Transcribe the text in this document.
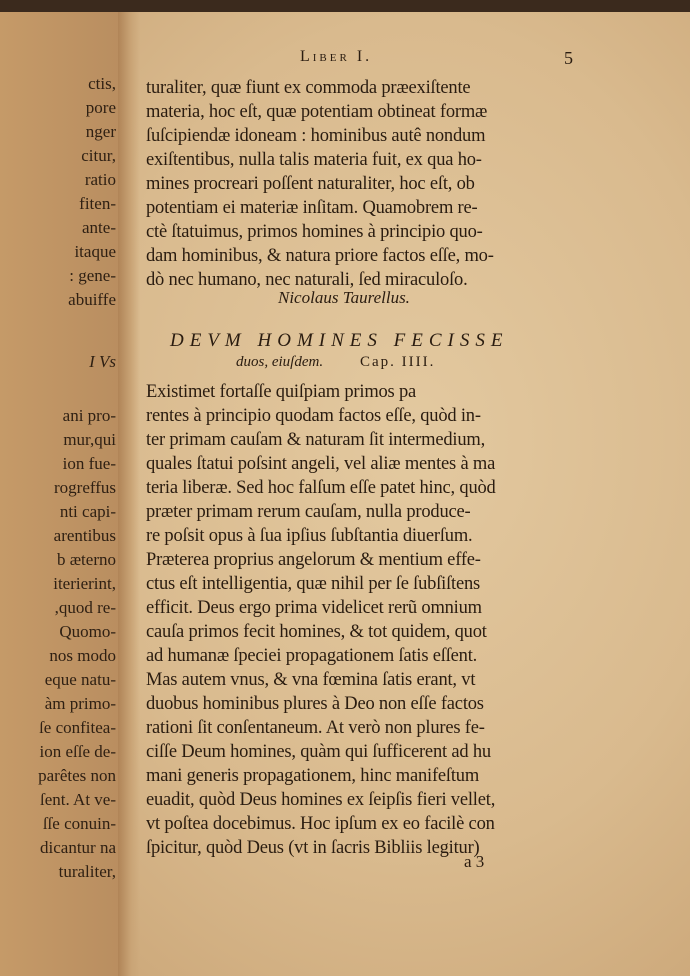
ctis,
pore
nger
citur,
ratio
fiten-
ante-
itaque
: gene-
abuiffe
I Vs
ani pro-
mur,qui
ion fue-
rogreffus
nti capi-
arentibus
b æterno
iterierint,
,quod re-
Quomo-
nos modo
eque natu-
àm primo-
ſe confitea-
ion eſſe de-
parêtes non
ſent. At ve-
ſſe conuin-
dicantur na
turaliter,
Liber I.	5
turaliter, quæ fiunt ex commoda præexiſtente
materia, hoc eſt, quæ potentiam obtineat formæ
ſuſcipiendæ idoneam : hominibus autê nondum
exiſtentibus, nulla talis materia fuit, ex qua ho-
mines procreari poſſent naturaliter, hoc eſt, ob
potentiam ei materiæ inſitam. Quamobrem re-
ctè ſtatuimus, primos homines à principio quo-
dam hominibus, & natura priore factos eſſe, mo-
dò nec humano, nec naturali, ſed miraculoſo.
Nicolaus Taurellus.
DEVM HOMINES FECISSE
duos, eiuſdem. Cap. IIII.
Existimet fortaſſe quiſpiam primos pa
rentes à principio quodam factos eſſe, quòd in-
ter primam cauſam & naturam ſit intermedium,
quales ſtatui poſsint angeli, vel aliæ mentes à ma
teria liberæ. Sed hoc falſum eſſe patet hinc, quòd
præter primam rerum cauſam, nulla produce-
re poſsit opus à ſua ipſius ſubſtantia diuerſum.
Præterea proprius angelorum & mentium effe-
ctus eſt intelligentia, quæ nihil per ſe ſubſiſtens
efficit. Deus ergo prima videlicet rerũ omnium
cauſa primos fecit homines, & tot quidem, quot
ad humanæ ſpeciei propagationem ſatis eſſent.
Mas autem vnus, & vna fœmina ſatis erant, vt
duobus hominibus plures à Deo non eſſe factos
rationi ſit conſentaneum. At verò non plures fe-
ciſſe Deum homines, quàm qui ſufficerent ad hu
mani generis propagationem, hinc manifeſtum
euadit, quòd Deus homines ex ſeipſis fieri vellet,
vt poſtea docebimus. Hoc ipſum ex eo facilè con
ſpicitur, quòd Deus (vt in ſacris Bibliis legitur)
a 3
